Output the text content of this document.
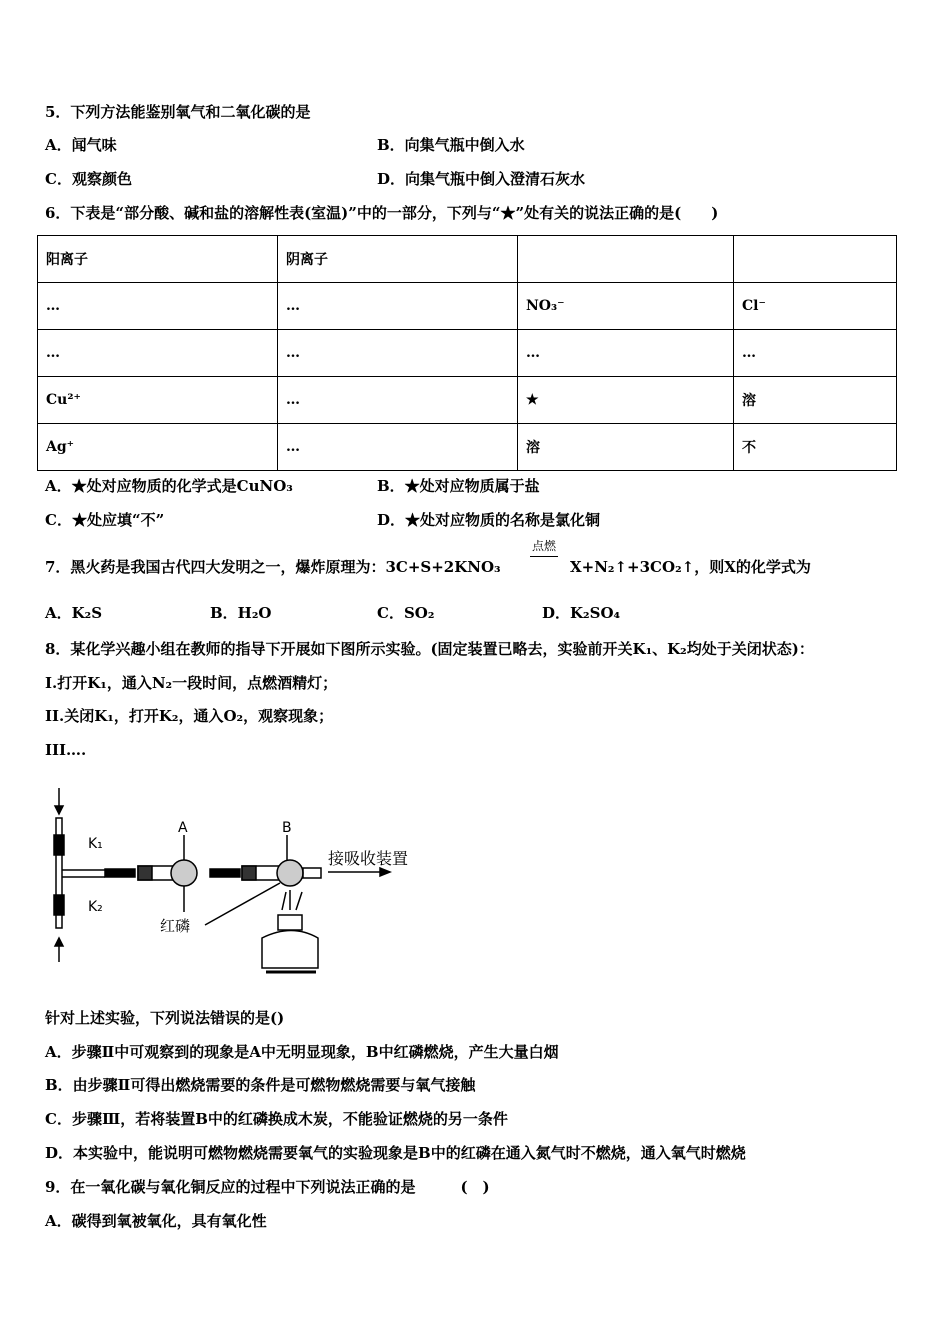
5．下列方法能鉴别氧气和二氧化碳的是
A．闻气味	B．向集气瓶中倒入水
C．观察颜色	D．向集气瓶中倒入澄清石灰水
6．下表是“部分酸、碱和盐的溶解性表(室温)”中的一部分，下列与“★”处有关的说法正确的是(　　)
阳离子	阴离子		
…	…	NO₃⁻	Cl⁻
…	…	…	…
Cu²⁺	…	★	溶
Ag⁺	…	溶	不
A．★处对应物质的化学式是CuNO₃	B．★处对应物质属于盐
C．★处应填“不”	D．★处对应物质的名称是氯化铜
7．黑火药是我国古代四大发明之一，爆炸原理为：3C+S+2KNO₃
点燃
X+N₂↑+3CO₂↑，则X的化学式为
A．K₂S	B．H₂O	C．SO₂	D．K₂SO₄
8．某化学兴趣小组在教师的指导下开展如下图所示实验。(固定装置已略去，实验前开关K₁、K₂均处于关闭状态)：
I.打开K₁，通入N₂一段时间，点燃酒精灯；
II.关闭K₁，打开K₂，通入O₂，观察现象；
III….
K₁
K₂
A	B
红磷
接吸收装置
针对上述实验，下列说法错误的是()
A．步骤Ⅱ中可观察到的现象是A中无明显现象，B中红磷燃烧，产生大量白烟
B．由步骤Ⅱ可得出燃烧需要的条件是可燃物燃烧需要与氧气接触
C．步骤Ⅲ，若将装置B中的红磷换成木炭，不能验证燃烧的另一条件
D．本实验中，能说明可燃物燃烧需要氧气的实验现象是B中的红磷在通入氮气时不燃烧，通入氧气时燃烧
9．在一氧化碳与氧化铜反应的过程中下列说法正确的是　　　(　)
A．碳得到氧被氧化，具有氧化性
